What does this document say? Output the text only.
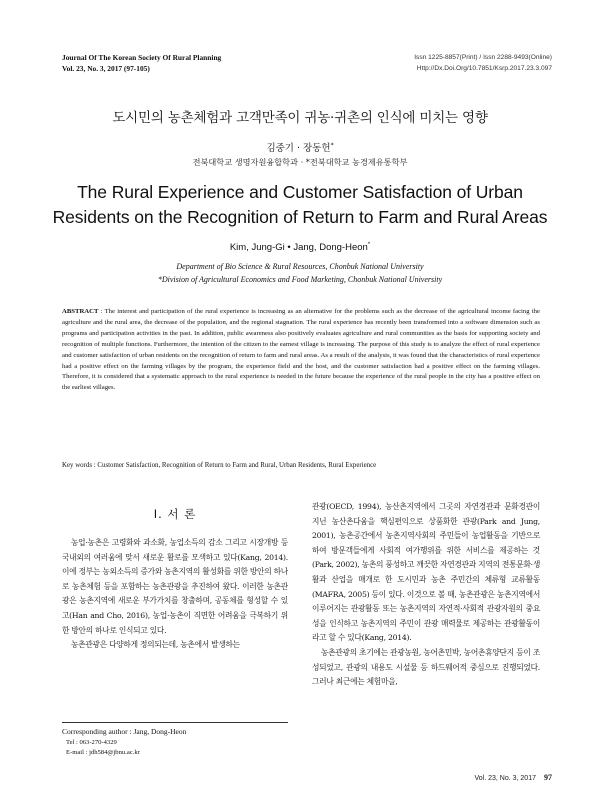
Journal Of The Korean Society Of Rural Planning
Vol. 23, No. 3, 2017 (97-105)
Issn 1225-8857(Print) / Issn 2288-9493(Online)
Http://Dx.Doi.Org/10.7851/Ksrp.2017.23.3.097
도시민의 농촌체험과 고객만족이 귀농·귀촌의 인식에 미치는 영향
김중기 · 장동헌*
전북대학교 생명자원융합학과 · *전북대학교 농경제유통학부
The Rural Experience and Customer Satisfaction of Urban Residents on the Recognition of Return to Farm and Rural Areas
Kim, Jung-Gi • Jang, Dong-Heon*
Department of Bio Science & Rural Resources, Chonbuk National University
*Division of Agricultural Economics and Food Marketing, Chonbuk National University
ABSTRACT : The interest and participation of the rural experience is increasing as an alternative for the problems such as the decrease of the agricultural income facing the agriculture and the rural area, the decrease of the population, and the regional stagnation. The rural experience has recently been transformed into a software dimension such as programs and participation activities in the past. In addition, public awareness also positively evaluates agriculture and rural communities as the basis for supporting society and recognition of multiple functions. Furthermore, the intention of the citizen to the earnest village is increasing. The purpose of this study is to analyze the effect of rural experience and customer satisfaction of urban residents on the recognition of return to farm and rural areas. As a result of the analysis, it was found that the characteristics of rural experience had a positive effect on the farming villages by the program, the experience field and the host, and the customer satisfaction had a positive effect on the farming villages. Therefore, it is considered that a systematic approach to the rural experience is needed in the future because the experience of the rural people in the city has a positive effect on the earliest villages.
Key words : Customer Satisfaction, Recognition of Return to Farm and Rural, Urban Residents, Rural Experience
Ⅰ. 서 론

농업·농촌은 고령화와 과소화, 농업소득의 감소 그리고 시장개방 등 국내외의 여러움에 맞서 새로운 활로를 모색하고 있다(Kang, 2014). 이에 정부는 농외소득의 증가와 농촌지역의 활성화를 위한 방안의 하나로 농촌체험 등을 포함하는 농촌관광을 추진하여 왔다. 이러한 농촌관광은 농촌지역에 새로운 부가가치를 창출하며, 공동체를 형성할 수 있고(Han and Cho, 2016), 농업·농촌이 직면한 어려움을 극복하기 위한 방안의 하나로 인식되고 있다.

농촌관광은 다양하게 정의되는데, 농촌에서 발생하는

관광(OECD, 1994), 농산촌지역에서 그곳의 자연경관과 문화경관이 지닌 농산촌다움을 핵심편익으로 상품화한 관광(Park and Jung, 2001), 농촌공간에서 농촌지역사회의 주민들이 농업활동을 기반으로 하여 방문객들에게 사회적 여가행위를 위한 서비스를 제공하는 것(Park, 2002), 농촌의 풍성하고 깨끗한 자연경관과 지역의 전통문화·생활과 산업을 매개로 한 도시민과 농촌 주민간의 체류형 교류활동(MAFRA, 2005) 등이 있다. 이것으로 볼 때, 농촌관광은 농촌지역에서 이루어지는 관광활동 또는 농촌지역의 자연적·사회적 관광자원의 중요성을 인식하고 농촌지역의 주민이 관광 매력물로 제공하는 관광활동이라고 할 수 있다(Kang, 2014).

농촌관광의 초기에는 관광농원, 농어촌민박, 농어촌휴양단지 등이 조성되었고, 관광의 내용도 시설물 등 하드웨어적 중심으로 진행되었다. 그러나 최근에는 체험마을,

Corresponding author : Jang, Dong-Heon
Tel : 063-270-4329
E-mail : jdh584@jbnu.ac.kr
Vol. 23, No. 3, 2017 97
